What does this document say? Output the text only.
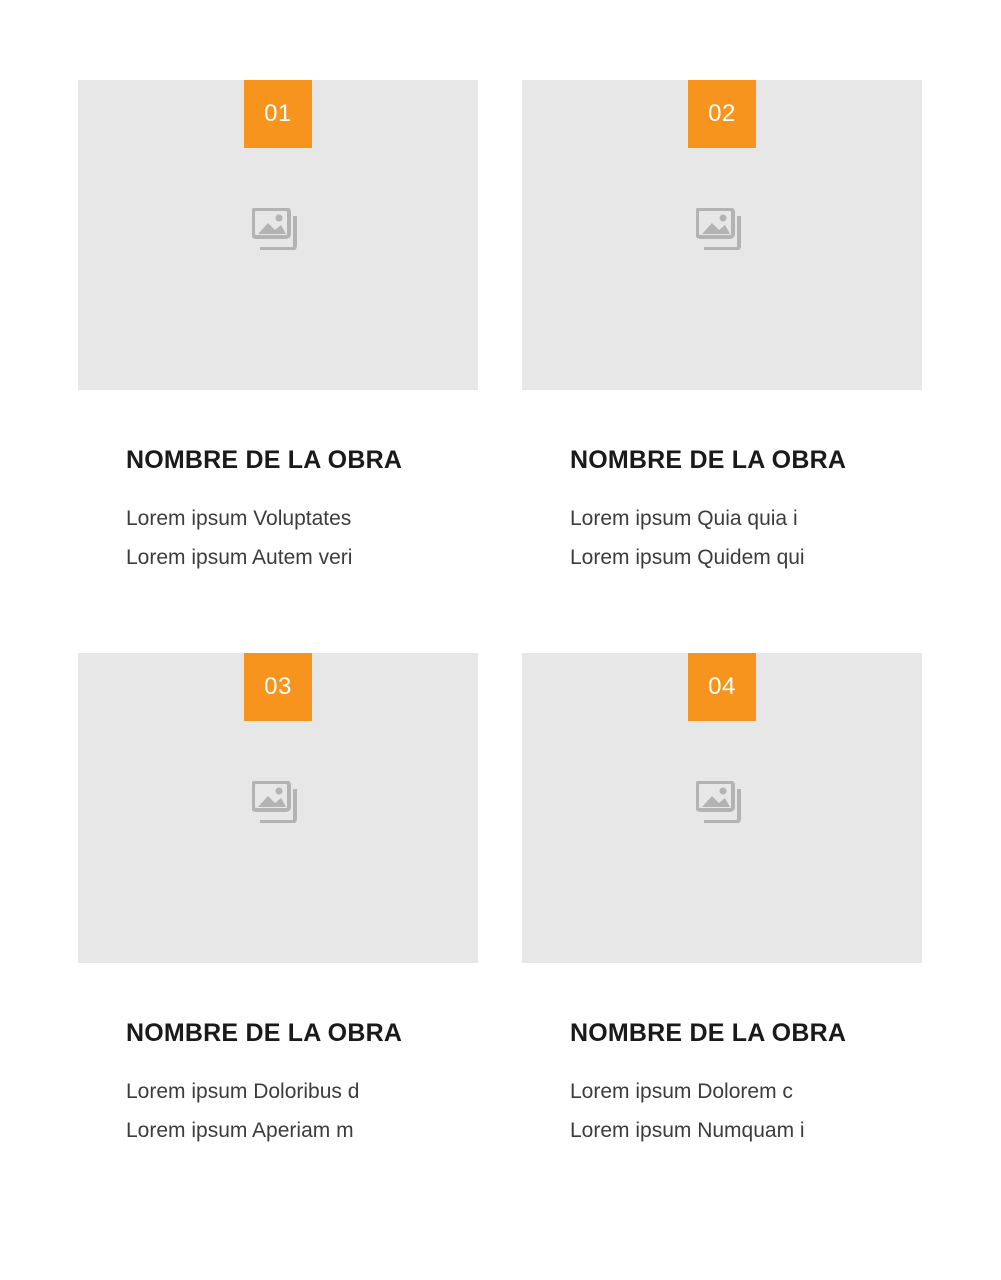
01
NOMBRE DE LA OBRA
Lorem ipsum Voluptates
Lorem ipsum Autem veri
02
NOMBRE DE LA OBRA
Lorem ipsum Quia quia i
Lorem ipsum Quidem qui
03
NOMBRE DE LA OBRA
Lorem ipsum Doloribus d
Lorem ipsum Aperiam m
04
NOMBRE DE LA OBRA
Lorem ipsum Dolorem c
Lorem ipsum Numquam i
